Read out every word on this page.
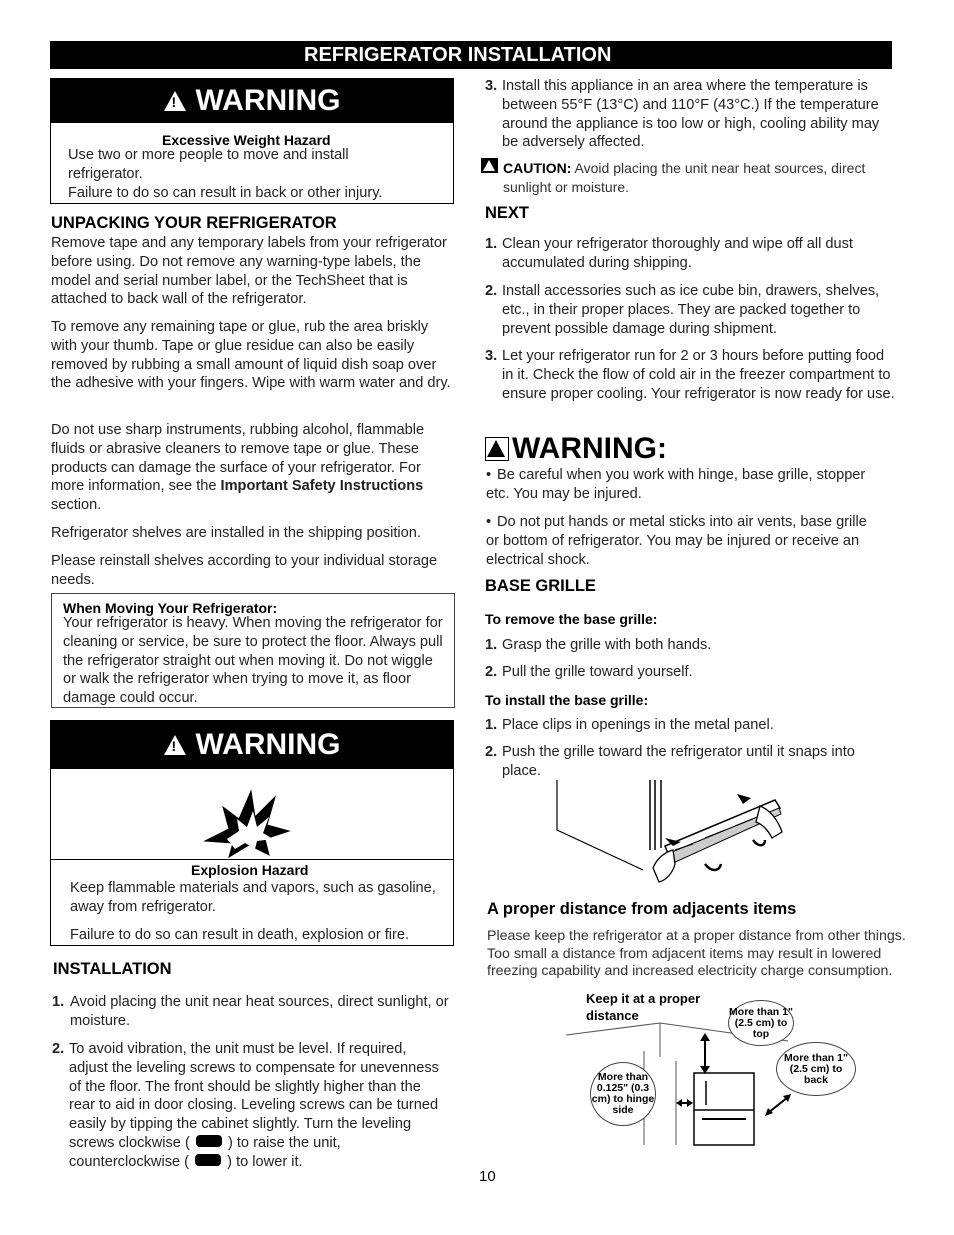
REFRIGERATOR INSTALLATION
! WARNING
Excessive Weight Hazard
Use two or more people to move and install refrigerator.
Failure to do so can result in back or other injury.
UNPACKING YOUR REFRIGERATOR
Remove tape and any temporary labels from your refrigerator before using. Do not remove any warning-type labels, the model and serial number label, or the TechSheet that is attached to back wall of the refrigerator.
To remove any remaining tape or glue, rub the area briskly with your thumb. Tape or glue residue can also be easily removed by rubbing a small amount of liquid dish soap over the adhesive with your fingers. Wipe with warm water and dry.
Do not use sharp instruments, rubbing alcohol, flammable fluids or abrasive cleaners to remove tape or glue. These products can damage the surface of your refrigerator. For more information, see the Important Safety Instructions section.
Refrigerator shelves are installed in the shipping position.
Please reinstall shelves according to your individual storage needs.
When Moving Your Refrigerator:
Your refrigerator is heavy. When moving the refrigerator for cleaning or service, be sure to protect the floor. Always pull the refrigerator straight out when moving it. Do not wiggle or walk the refrigerator when trying to move it, as floor damage could occur.
! WARNING
Explosion Hazard
Keep flammable materials and vapors, such as gasoline, away from refrigerator.
Failure to do so can result in death, explosion or fire.
INSTALLATION
1. Avoid placing the unit near heat sources, direct sunlight, or moisture.
2. To avoid vibration, the unit must be level. If required, adjust the leveling screws to compensate for unevenness of the floor. The front should be slightly higher than the rear to aid in door closing. Leveling screws can be turned easily by tipping the cabinet slightly. Turn the leveling screws clockwise (	) to raise the unit, counterclockwise (	) to lower it.
3. Install this appliance in an area where the temperature is between 55°F (13°C) and 110°F (43°C.) If the temperature around the appliance is too low or high, cooling ability may be adversely affected.
CAUTION: Avoid placing the unit near heat sources, direct sunlight or moisture.
NEXT
1. Clean your refrigerator thoroughly and wipe off all dust accumulated during shipping.
2. Install accessories such as ice cube bin, drawers, shelves, etc., in their proper places. They are packed together to prevent possible damage during shipment.
3. Let your refrigerator run for 2 or 3 hours before putting food in it. Check the flow of cold air in the freezer compartment to ensure proper cooling. Your refrigerator is now ready for use.
WARNING:
• Be careful when you work with hinge, base grille, stopper etc. You may be injured.
• Do not put hands or metal sticks into air vents, base grille or bottom of refrigerator. You may be injured or receive an electrical shock.
BASE GRILLE
To remove the base grille:
1. Grasp the grille with both hands.
2. Pull the grille toward yourself.
To install the base grille:
1. Place clips in openings in the metal panel.
2. Push the grille toward the refrigerator until it snaps into place.
A proper distance from adjacents items
Please keep the refrigerator at a proper distance from other things. Too small a distance from adjacent items may result in lowered freezing capability and increased electricity charge consumption.
Keep it at a proper distance	More than 1"(2.5 cm) to top
More than 0.125" (0.3 cm) to hinge side
More than 1"(2.5 cm) to back
10
